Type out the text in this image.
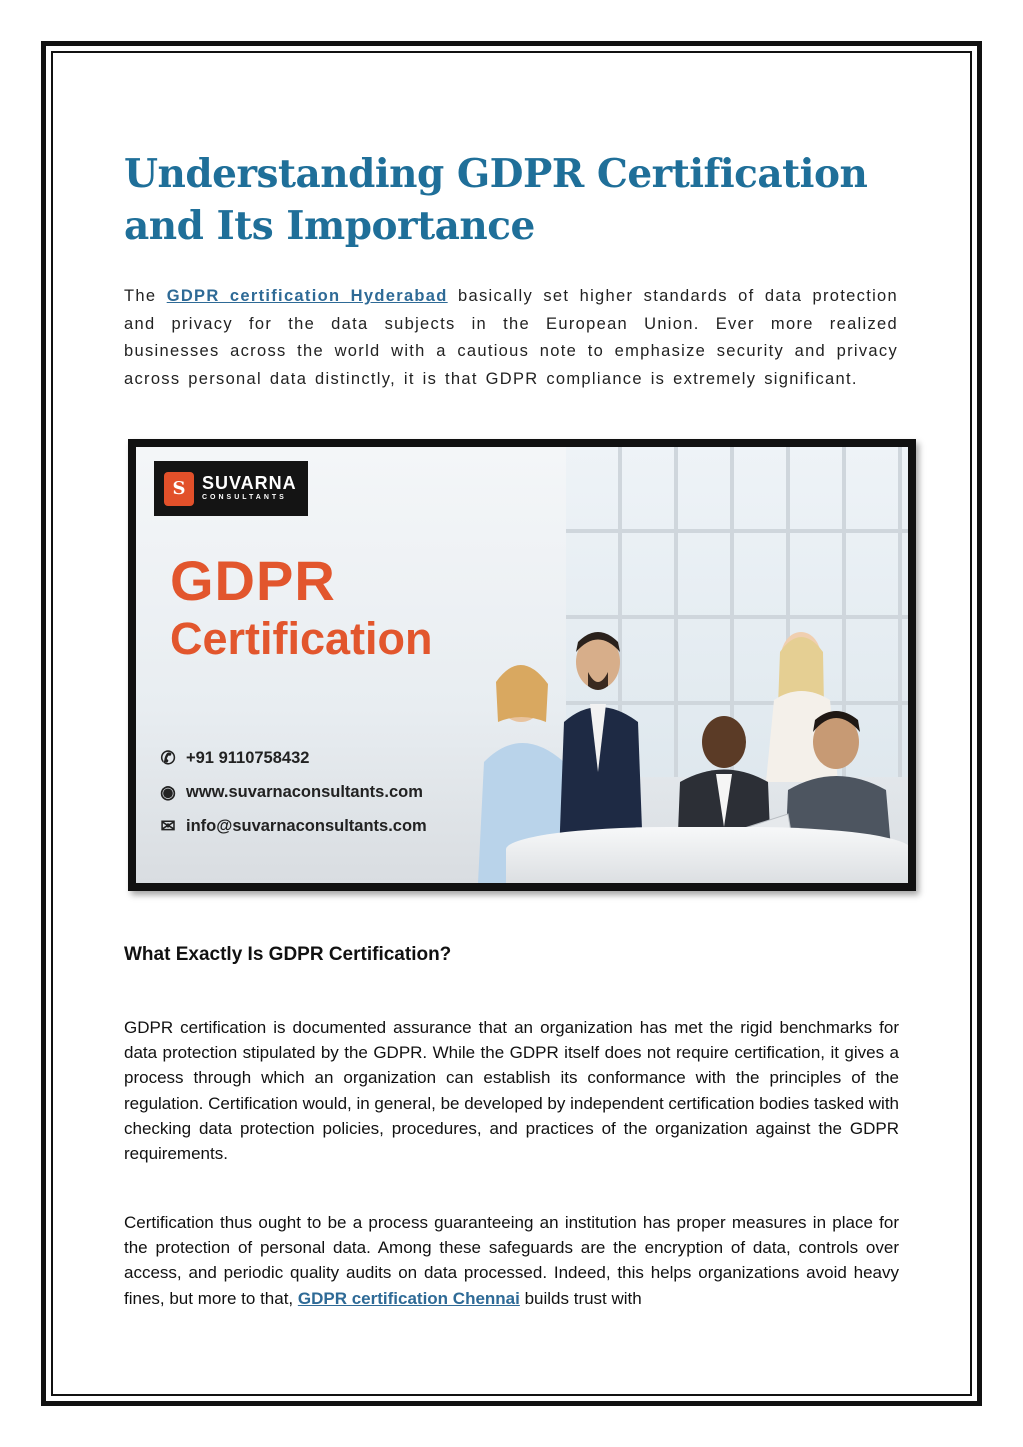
Understanding GDPR Certification and Its Importance

The GDPR certification Hyderabad basically set higher standards of data protection and privacy for the data subjects in the European Union. Ever more realized businesses across the world with a cautious note to emphasize security and privacy across personal data distinctly, it is that GDPR compliance is extremely significant.

S SUVARNA
CONSULTANTS
GDPR
Certification
✆ +91 9110758432
◉ www.suvarnaconsultants.com
✉ info@suvarnaconsultants.com
What Exactly Is GDPR Certification?

GDPR certification is documented assurance that an organization has met the rigid benchmarks for data protection stipulated by the GDPR. While the GDPR itself does not require certification, it gives a process through which an organization can establish its conformance with the principles of the regulation. Certification would, in general, be developed by independent certification bodies tasked with checking data protection policies, procedures, and practices of the organization against the GDPR requirements.

Certification thus ought to be a process guaranteeing an institution has proper measures in place for the protection of personal data. Among these safeguards are the encryption of data, controls over access, and periodic quality audits on data processed. Indeed, this helps organizations avoid heavy fines, but more to that, GDPR certification Chennai builds trust with
